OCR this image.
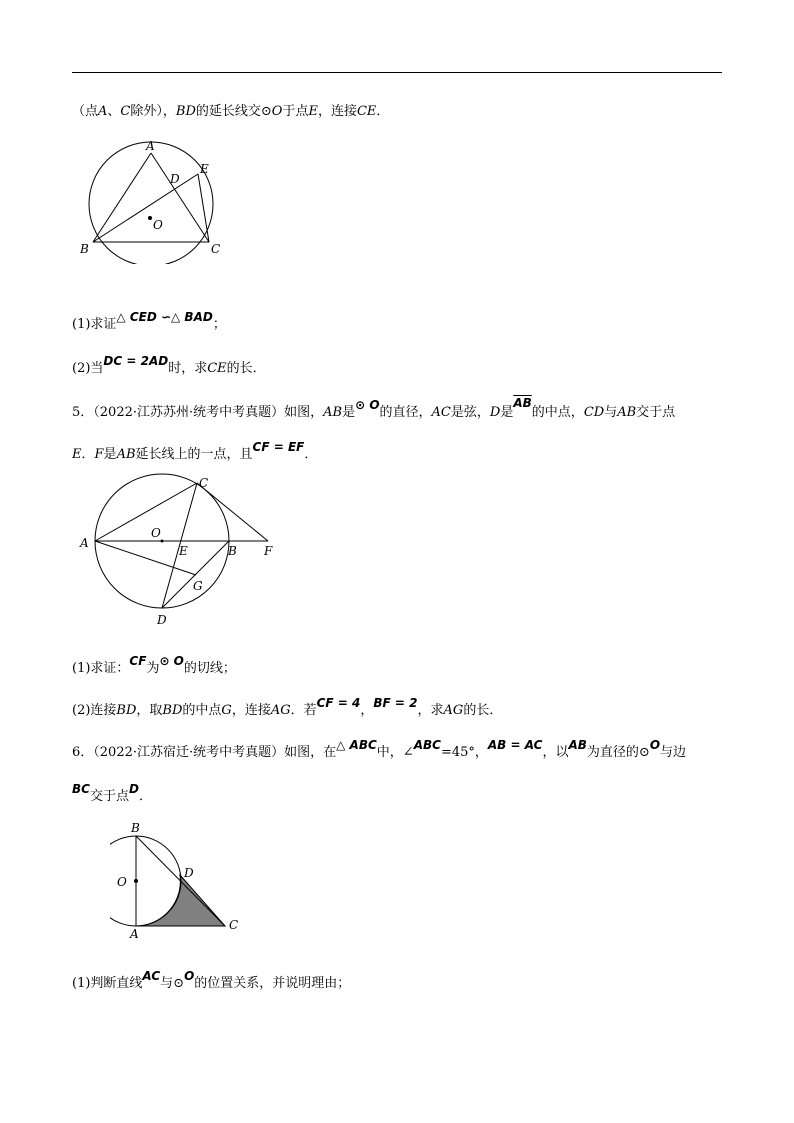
（点A、C除外），BD的延长线交⊙O于点E，连接CE．
A
B	C
D
E
O
(1)求证△ CED ∽△ BAD；
(2)当DC = 2AD时，求CE的长．
5．（2022·江苏苏州·统考中考真题）如图，AB是⊙ O的直径，AC是弦，D是$\overline{AB}$的中点，CD与AB交于点
E．F是AB延长线上的一点，且CF = EF．
A
B
C
D
E	F
G
O
(1)求证：CF为⊙ O的切线；
(2)连接BD，取BD的中点G，连接AG．若CF = 4，BF = 2，求AG的长．
6．（2022·江苏宿迁·统考中考真题）如图，在△ ABC中，∠ABC=45°，AB = AC，以AB为直径的⊙O与边
BC交于点D．
A
B
C
D
O
(1)判断直线AC与⊙O的位置关系，并说明理由；
